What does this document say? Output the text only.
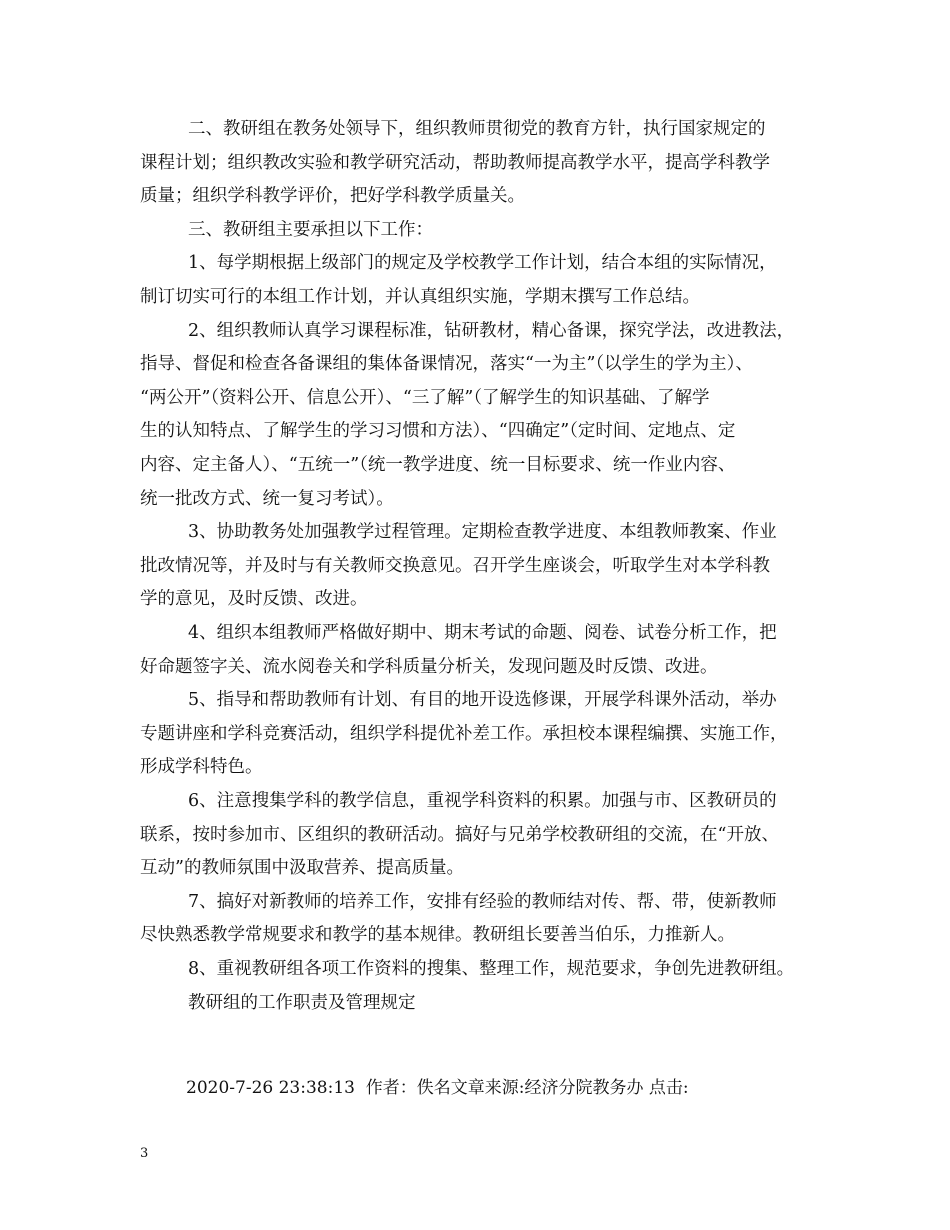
二、教研组在教务处领导下，组织教师贯彻党的教育方针，执行国家规定的
课程计划；组织教改实验和教学研究活动，帮助教师提高教学水平，提高学科教学
质量；组织学科教学评价，把好学科教学质量关。
三、教研组主要承担以下工作：
1、每学期根据上级部门的规定及学校教学工作计划，结合本组的实际情况，
制订切实可行的本组工作计划，并认真组织实施，学期末撰写工作总结。
2、组织教师认真学习课程标准，钻研教材，精心备课，探究学法，改进教法，
指导、督促和检查各备课组的集体备课情况，落实“一为主”（以学生的学为主）、
“两公开”（资料公开、信息公开）、“三了解”（了解学生的知识基础、了解学
生的认知特点、了解学生的学习习惯和方法）、“四确定”（定时间、定地点、定
内容、定主备人）、“五统一”（统一教学进度、统一目标要求、统一作业内容、
统一批改方式、统一复习考试）。
3、协助教务处加强教学过程管理。定期检查教学进度、本组教师教案、作业
批改情况等，并及时与有关教师交换意见。召开学生座谈会，听取学生对本学科教
学的意见，及时反馈、改进。
4、组织本组教师严格做好期中、期末考试的命题、阅卷、试卷分析工作，把
好命题签字关、流水阅卷关和学科质量分析关，发现问题及时反馈、改进。
5、指导和帮助教师有计划、有目的地开设选修课，开展学科课外活动，举办
专题讲座和学科竞赛活动，组织学科提优补差工作。承担校本课程编撰、实施工作，
形成学科特色。
6、注意搜集学科的教学信息，重视学科资料的积累。加强与市、区教研员的
联系，按时参加市、区组织的教研活动。搞好与兄弟学校教研组的交流，在“开放、
互动”的教师氛围中汲取营养、提高质量。
7、搞好对新教师的培养工作，安排有经验的教师结对传、帮、带，使新教师
尽快熟悉教学常规要求和教学的基本规律。教研组长要善当伯乐，力推新人。
8、重视教研组各项工作资料的搜集、整理工作，规范要求，争创先进教研组。
教研组的工作职责及管理规定
2020-7-26 23:38:13  作者：佚名文章来源:经济分院教务办 点击:
3
